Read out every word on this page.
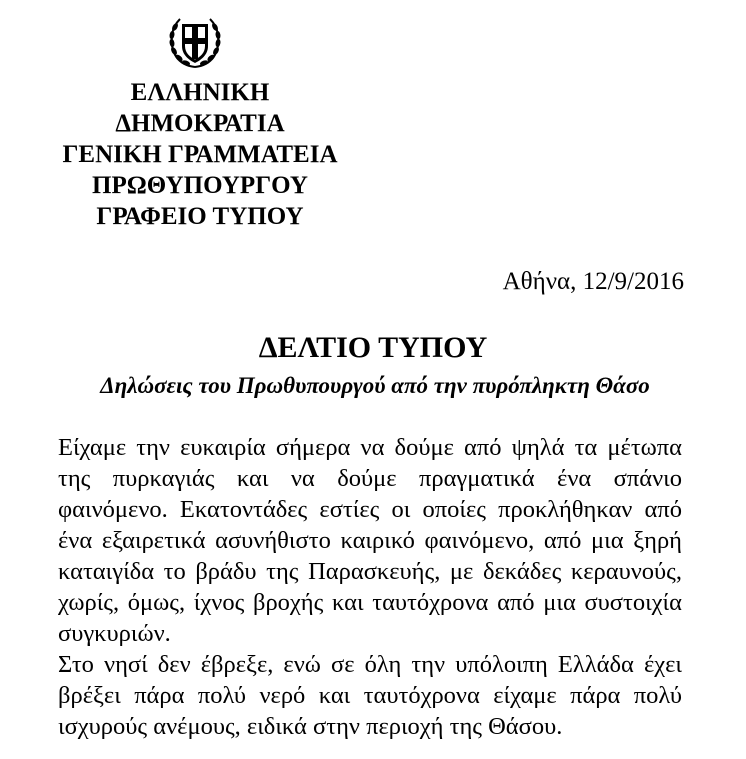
ΕΛΛΗΝΙΚΗ
ΔΗΜΟΚΡΑΤΙΑ
ΓΕΝΙΚΗ ΓΡΑΜΜΑΤΕΙΑ
ΠΡΩΘΥΠΟΥΡΓΟΥ
ΓΡΑΦΕΙΟ ΤΥΠΟΥ
Αθήνα, 12/9/2016
ΔΕΛΤΙΟ ΤΥΠΟΥ
Δηλώσεις του Πρωθυπουργού από την πυρόπληκτη Θάσο

Είχαμε την ευκαιρία σήμερα να δούμε από ψηλά τα μέτωπα της πυρκαγιάς και να δούμε πραγματικά ένα σπάνιο φαινόμενο. Εκατοντάδες εστίες οι οποίες προκλήθηκαν από ένα εξαιρετικά ασυνήθιστο καιρικό φαινόμενο, από μια ξηρή καταιγίδα το βράδυ της Παρασκευής, με δεκάδες κεραυνούς, χωρίς, όμως, ίχνος βροχής και ταυτόχρονα από μια συστοιχία συγκυριών.

Στο νησί δεν έβρεξε, ενώ σε όλη την υπόλοιπη Ελλάδα έχει βρέξει πάρα πολύ νερό και ταυτόχρονα είχαμε πάρα πολύ ισχυρούς ανέμους, ειδικά στην περιοχή της Θάσου.
